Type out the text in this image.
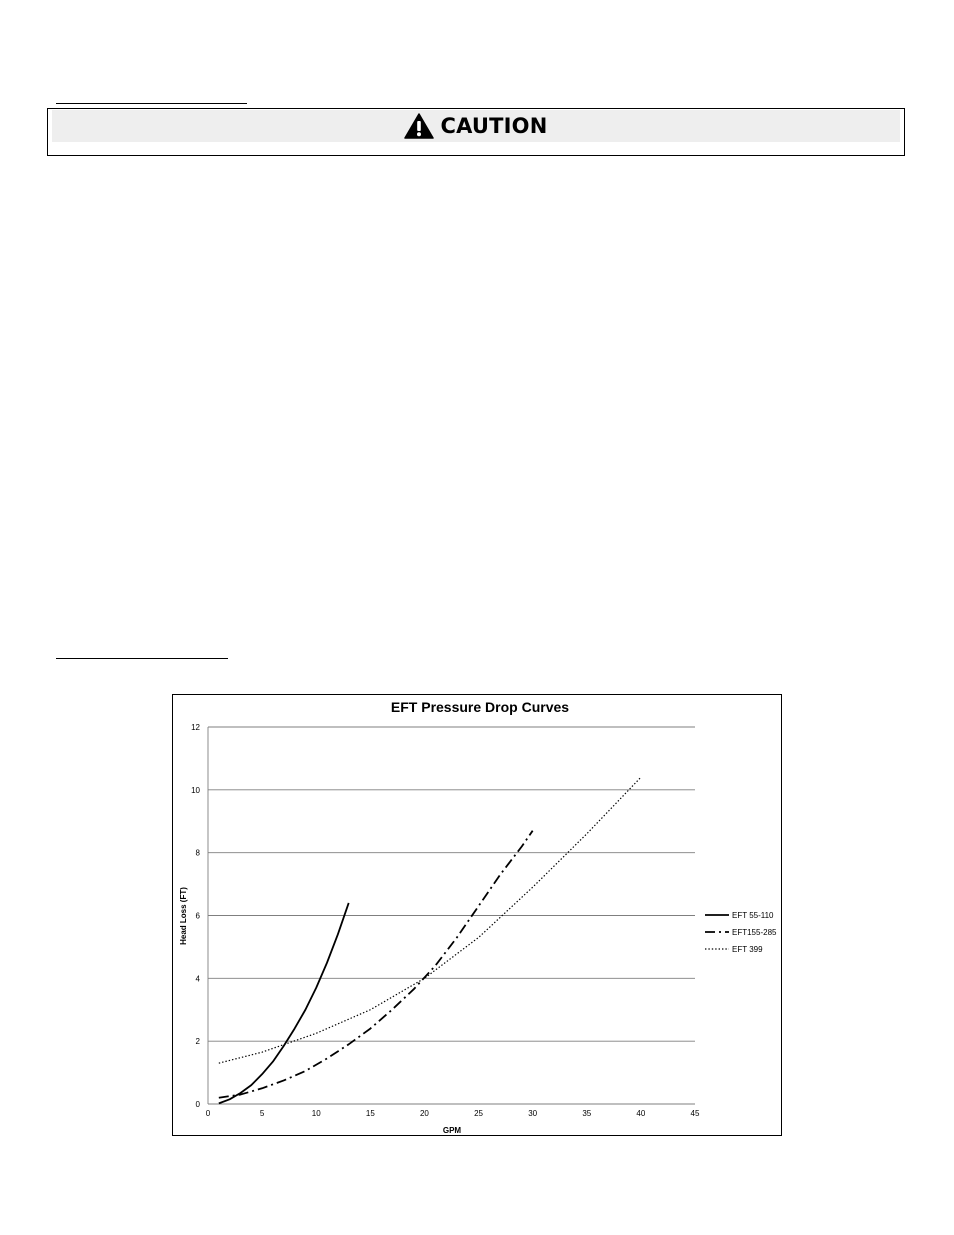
CAUTION
EFT Pressure Drop Curves
0
2
4
6
8
10
12
0	5	10	15	20	25	30	35	40	45
EFT 55-110
EFT155-285
EFT 399
GPM
Head Loss (FT)
